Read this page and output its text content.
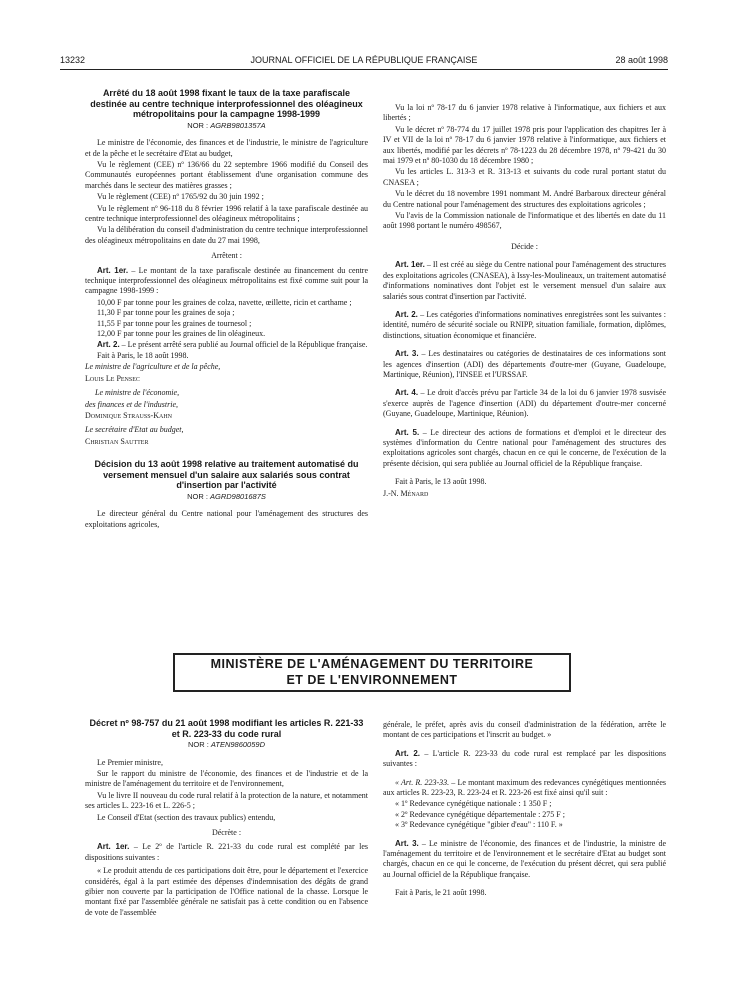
13232	JOURNAL OFFICIEL DE LA RÉPUBLIQUE FRANÇAISE	28 août 1998
Arrêté du 18 août 1998 fixant le taux de la taxe parafiscale destinée au centre technique interprofessionnel des oléagineux métropolitains pour la campagne 1998-1999
NOR : AGRB9801357A

Le ministre de l'économie, des finances et de l'industrie, le ministre de l'agriculture et de la pêche et le secrétaire d'Etat au budget,

Vu le règlement (CEE) nº 136/66 du 22 septembre 1966 modifié du Conseil des Communautés européennes portant établissement d'une organisation commune des marchés dans le secteur des matières grasses ;

Vu le règlement (CEE) nº 1765/92 du 30 juin 1992 ;

Vu le règlement nº 96-118 du 8 février 1996 relatif à la taxe parafiscale destinée au centre technique interprofessionnel des oléagineux métropolitains ;

Vu la délibération du conseil d'administration du centre technique interprofessionnel des oléagineux métropolitains en date du 27 mai 1998,

Arrêtent :

Art. 1er. – Le montant de la taxe parafiscale destinée au financement du centre technique interprofessionnel des oléagineux métropolitains est fixé comme suit pour la campagne 1998-1999 :

10,00 F par tonne pour les graines de colza, navette, œillette, ricin et carthame ;

11,30 F par tonne pour les graines de soja ;

11,55 F par tonne pour les graines de tournesol ;

12,00 F par tonne pour les graines de lin oléagineux.

Art. 2. – Le présent arrêté sera publié au Journal officiel de la République française.

Fait à Paris, le 18 août 1998.

Le ministre de l'agriculture et de la pêche,

Louis Le Pensec

Le ministre de l'économie,

des finances et de l'industrie,

Dominique Strauss-Kahn

Le secrétaire d'Etat au budget,

Christian Sautter

Décision du 13 août 1998 relative au traitement automatisé du versement mensuel d'un salaire aux salariés sous contrat d'insertion par l'activité
NOR : AGRD9801687S

Le directeur général du Centre national pour l'aménagement des structures des exploitations agricoles,

Vu la loi nº 78-17 du 6 janvier 1978 relative à l'informatique, aux fichiers et aux libertés ;

Vu le décret nº 78-774 du 17 juillet 1978 pris pour l'application des chapitres Ier à IV et VII de la loi nº 78-17 du 6 janvier 1978 relative à l'informatique, aux fichiers et aux libertés, modifié par les décrets nº 78-1223 du 28 décembre 1978, nº 79-421 du 30 mai 1979 et nº 80-1030 du 18 décembre 1980 ;

Vu les articles L. 313-3 et R. 313-13 et suivants du code rural portant statut du CNASEA ;

Vu le décret du 18 novembre 1991 nommant M. André Barbaroux directeur général du Centre national pour l'aménagement des structures des exploitations agricoles ;

Vu l'avis de la Commission nationale de l'informatique et des libertés en date du 11 août 1998 portant le numéro 498567,

Décide :

Art. 1er. – Il est créé au siège du Centre national pour l'aménagement des structures des exploitations agricoles (CNASEA), à Issy-les-Moulineaux, un traitement automatisé d'informations nominatives dont l'objet est le versement mensuel d'un salaire aux salariés sous contrat d'insertion par l'activité.

Art. 2. – Les catégories d'informations nominatives enregistrées sont les suivantes : identité, numéro de sécurité sociale ou RNIPP, situation familiale, formation, diplômes, distinctions, situation économique et financière.

Art. 3. – Les destinataires ou catégories de destinataires de ces informations sont les agences d'insertion (ADI) des départements d'outre-mer (Guyane, Guadeloupe, Martinique, Réunion), l'INSEE et l'URSSAF.

Art. 4. – Le droit d'accès prévu par l'article 34 de la loi du 6 janvier 1978 susvisée s'exerce auprès de l'agence d'insertion (ADI) du département d'outre-mer concerné (Guyane, Guadeloupe, Martinique, Réunion).

Art. 5. – Le directeur des actions de formations et d'emploi et le directeur des systèmes d'information du Centre national pour l'aménagement des structures des exploitations agricoles sont chargés, chacun en ce qui le concerne, de l'exécution de la présente décision, qui sera publiée au Journal officiel de la République française.

Fait à Paris, le 13 août 1998.

J.-N. Ménard

MINISTÈRE DE L'AMÉNAGEMENT DU TERRITOIRE
ET DE L'ENVIRONNEMENT
Décret nº 98-757 du 21 août 1998 modifiant les articles R. 221-33 et R. 223-33 du code rural
NOR : ATEN9860059D

Le Premier ministre,

Sur le rapport du ministre de l'économie, des finances et de l'industrie et de la ministre de l'aménagement du territoire et de l'environnement,

Vu le livre II nouveau du code rural relatif à la protection de la nature, et notamment ses articles L. 223-16 et L. 226-5 ;

Le Conseil d'Etat (section des travaux publics) entendu,

Décrète :

Art. 1er. – Le 2º de l'article R. 221-33 du code rural est complété par les dispositions suivantes :

« Le produit attendu de ces participations doit être, pour le département et l'exercice considérés, égal à la part estimée des dépenses d'indemnisation des dégâts de grand gibier non couverte par la participation de l'Office national de la chasse. Lorsque le montant fixé par l'assemblée générale ne satisfait pas à cette condition ou en l'absence de vote de l'assemblée

générale, le préfet, après avis du conseil d'administration de la fédération, arrête le montant de ces participations et l'inscrit au budget. »

Art. 2. – L'article R. 223-33 du code rural est remplacé par les dispositions suivantes :

« Art. R. 223-33. – Le montant maximum des redevances cynégétiques mentionnées aux articles R. 223-23, R. 223-24 et R. 223-26 est fixé ainsi qu'il suit :

« 1º Redevance cynégétique nationale : 1 350 F ;

« 2º Redevance cynégétique départementale : 275 F ;

« 3º Redevance cynégétique "gibier d'eau" : 110 F. »

Art. 3. – Le ministre de l'économie, des finances et de l'industrie, la ministre de l'aménagement du territoire et de l'environnement et le secrétaire d'Etat au budget sont chargés, chacun en ce qui le concerne, de l'exécution du présent décret, qui sera publié au Journal officiel de la République française.

Fait à Paris, le 21 août 1998.
